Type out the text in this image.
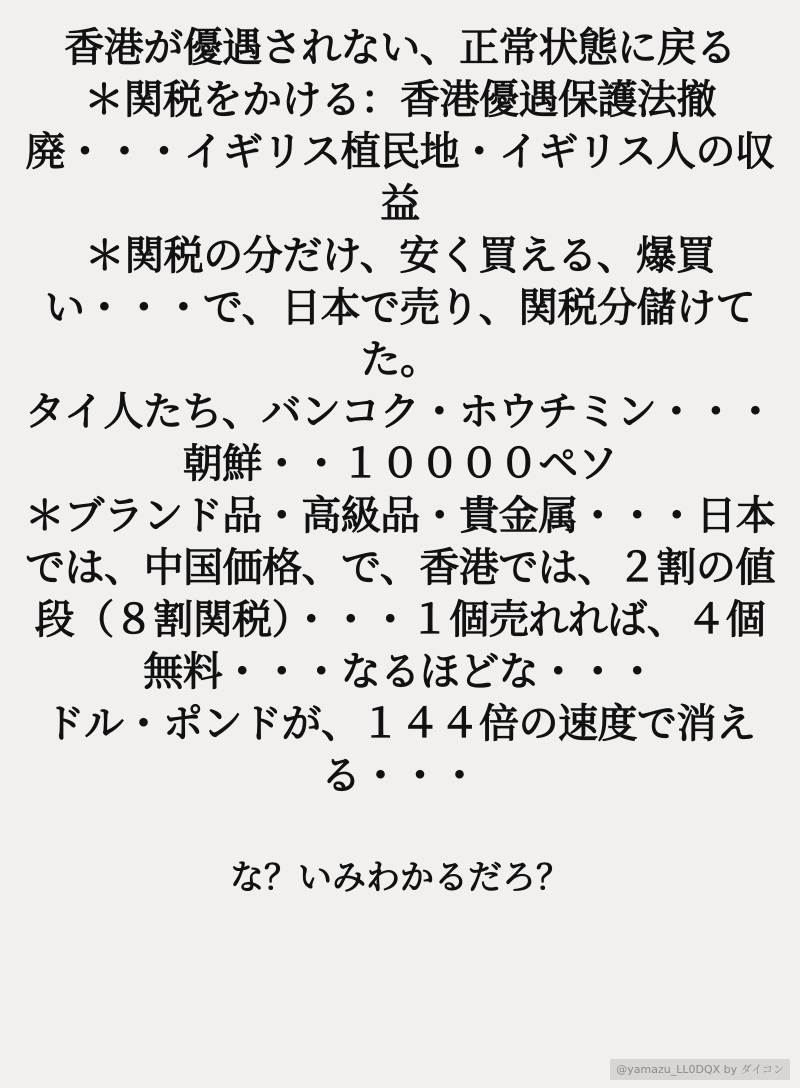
香港が優遇されない、正常状態に戻る

＊関税をかける：香港優遇保護法撤廃・・・イギリス植民地・イギリス人の収益

＊関税の分だけ、安く買える、爆買い・・・で、日本で売り、関税分儲けてた。

タイ人たち、バンコク・ホウチミン・・・朝鮮・・１００００ペソ

＊ブランド品・高級品・貴金属・・・日本では、中国価格、で、香港では、２割の値段（８割関税）・・・１個売れれば、４個無料・・・なるほどな・・・

ドル・ポンドが、１４４倍の速度で消える・・・

な？いみわかるだろ？
@yamazu_LL0DQX by ダイコン
